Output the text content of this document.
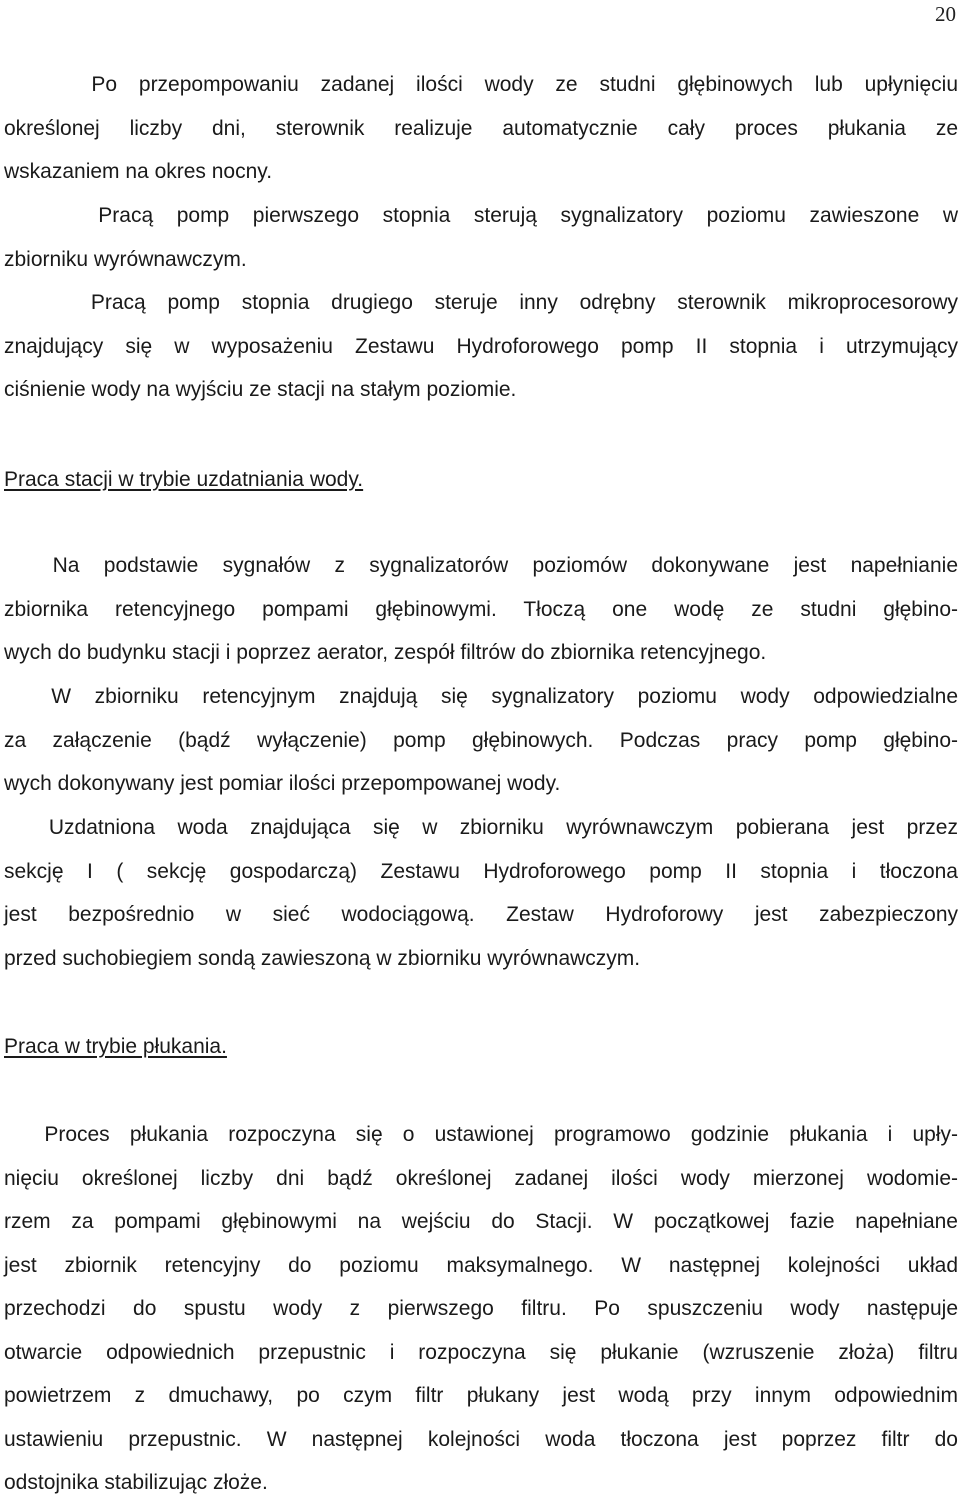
20
Po przepompowaniu zadanej ilości wody ze studni głębinowych lub upłynięciu
określonej liczby dni, sterownik realizuje automatycznie cały proces płukania ze
wskazaniem na okres nocny.
Pracą pomp pierwszego stopnia sterują sygnalizatory poziomu zawieszone w
zbiorniku wyrównawczym.
Pracą pomp stopnia drugiego steruje inny odrębny sterownik mikroprocesorowy
znajdujący się w wyposażeniu Zestawu Hydroforowego pomp II stopnia i utrzymujący
ciśnienie wody na wyjściu ze stacji na stałym poziomie.
Praca stacji w trybie uzdatniania wody.
Na podstawie sygnałów z sygnalizatorów poziomów dokonywane jest napełnianie
zbiornika retencyjnego pompami głębinowymi. Tłoczą one wodę ze studni głębino-
wych do budynku stacji i poprzez aerator, zespół filtrów do zbiornika retencyjnego.
W zbiorniku retencyjnym znajdują się sygnalizatory poziomu wody odpowiedzialne
za załączenie (bądź wyłączenie) pomp głębinowych. Podczas pracy pomp głębino-
wych dokonywany jest pomiar ilości przepompowanej wody.
Uzdatniona woda znajdująca się w zbiorniku wyrównawczym pobierana jest przez
sekcję I ( sekcję gospodarczą) Zestawu Hydroforowego pomp II stopnia i tłoczona
jest bezpośrednio w sieć wodociągową. Zestaw Hydroforowy jest zabezpieczony
przed suchobiegiem sondą zawieszoną w zbiorniku wyrównawczym.
Praca w trybie płukania.
Proces płukania rozpoczyna się o ustawionej programowo godzinie płukania i upły-
nięciu określonej liczby dni bądź określonej zadanej ilości wody mierzonej wodomie-
rzem za pompami głębinowymi na wejściu do Stacji. W początkowej fazie napełniane
jest zbiornik retencyjny do poziomu maksymalnego. W następnej kolejności układ
przechodzi do spustu wody z pierwszego filtru. Po spuszczeniu wody następuje
otwarcie odpowiednich przepustnic i rozpoczyna się płukanie (wzruszenie złoża) filtru
powietrzem z dmuchawy, po czym filtr płukany jest wodą przy innym odpowiednim
ustawieniu przepustnic. W następnej kolejności woda tłoczona jest poprzez filtr do
odstojnika stabilizując złoże.
